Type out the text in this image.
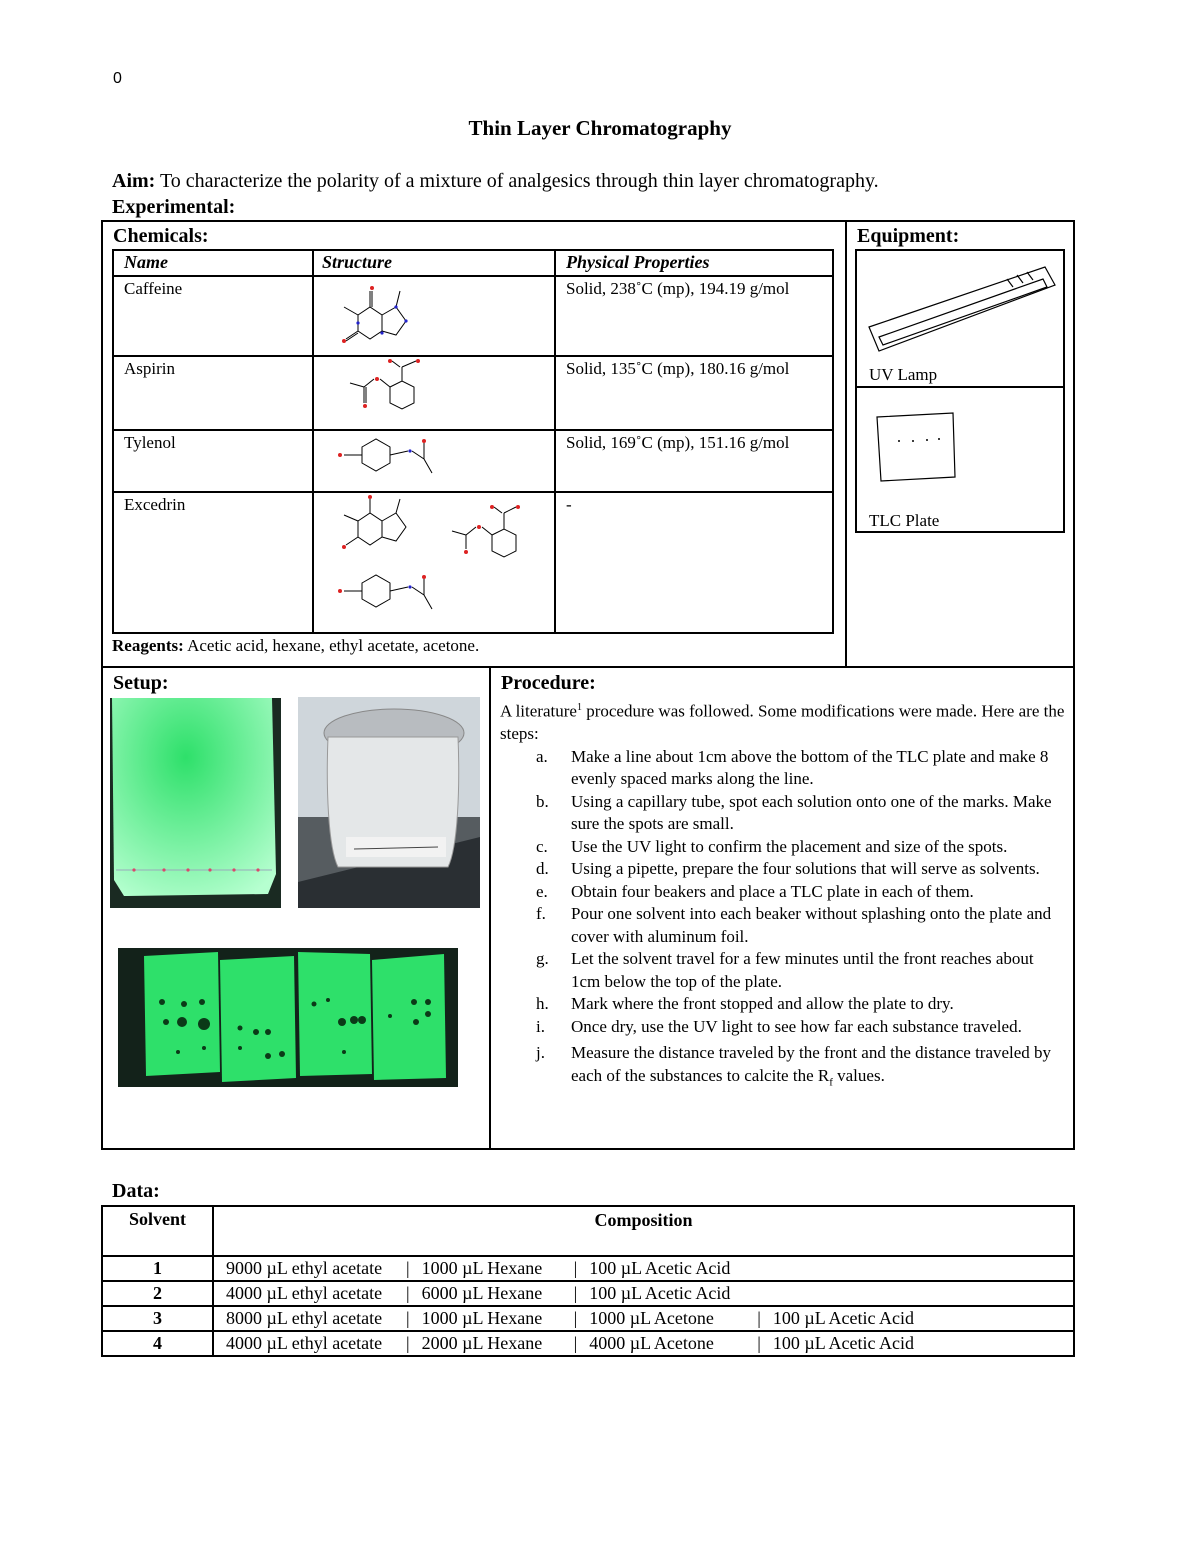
0
Thin Layer Chromatography
Aim: To characterize the polarity of a mixture of analgesics through thin layer chromatography.
Experimental:
Chemicals:
Name	Structure	Physical Properties
Caffeine	Solid, 238˚C (mp), 194.19 g/mol
Aspirin	Solid, 135˚C (mp), 180.16 g/mol
Tylenol	Solid, 169˚C (mp), 151.16 g/mol
Excedrin	-
Reagents: Acetic acid, hexane, ethyl acetate, acetone.
Equipment:
UV Lamp
TLC Plate
Setup:	Procedure:
A literature$^1$ procedure was followed. Some modifications were made. Here are the steps:
a. Make a line about 1cm above the bottom of the TLC plate and make 8 evenly spaced marks along the line.
b. Using a capillary tube, spot each solution onto one of the marks. Make sure the spots are small.
c. Use the UV light to confirm the placement and size of the spots.
d. Using a pipette, prepare the four solutions that will serve as solvents.
e. Obtain four beakers and place a TLC plate in each of them.
f. Pour one solvent into each beaker without splashing onto the plate and cover with aluminum foil.
g. Let the solvent travel for a few minutes until the front reaches about 1cm below the top of the plate.
h. Mark where the front stopped and allow the plate to dry.
i. Once dry, use the UV light to see how far each substance traveled.
j. Measure the distance traveled by the front and the distance traveled by each of the substances to calcite the $R_f$ values.
Data:
Solvent	Composition
1	9000 µL ethyl acetate | 1000 µL Hexane | 100 µL Acetic Acid
2	4000 µL ethyl acetate | 6000 µL Hexane | 100 µL Acetic Acid
3	8000 µL ethyl acetate | 1000 µL Hexane | 1000 µL Acetone | 100 µL Acetic Acid
4	4000 µL ethyl acetate | 2000 µL Hexane | 4000 µL Acetone | 100 µL Acetic Acid
